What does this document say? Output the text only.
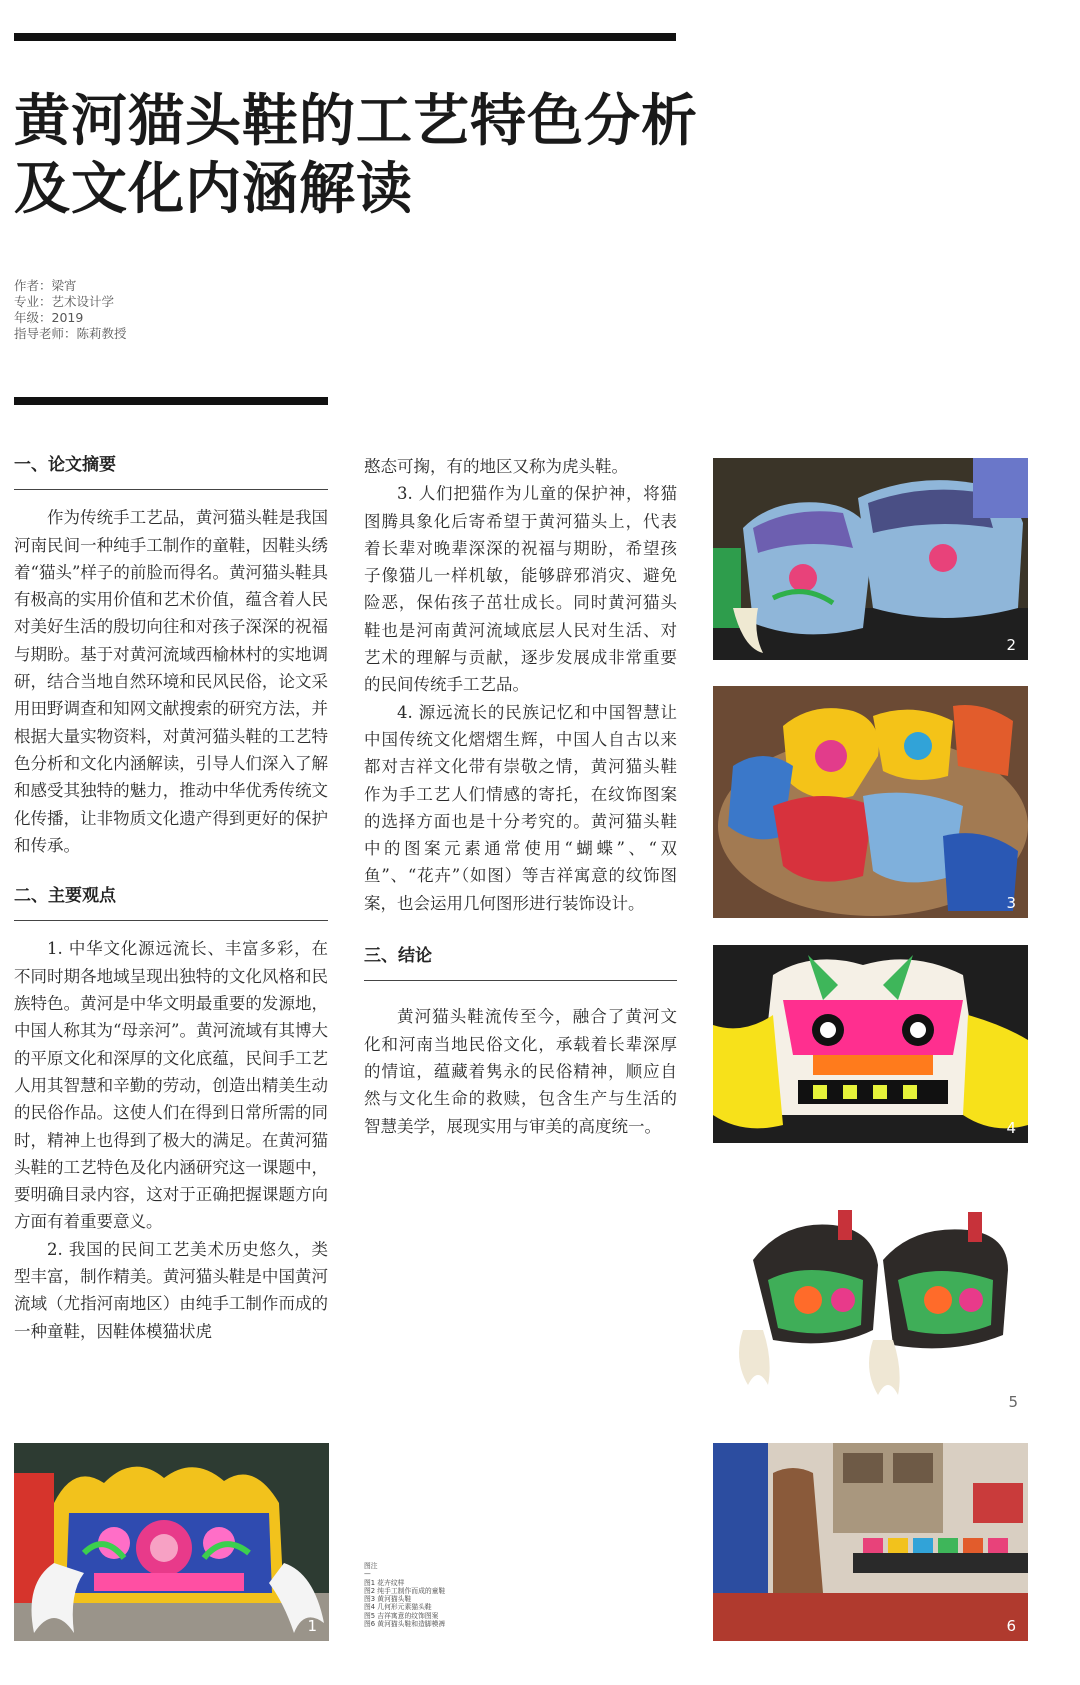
黄河猫头鞋的工艺特色分析
及文化内涵解读
作者：梁宵
专业：艺术设计学
年级：2019
指导老师：陈莉教授
一、论文摘要

作为传统手工艺品，黄河猫头鞋是我国河南民间一种纯手工制作的童鞋，因鞋头绣着“猫头”样子的前脸而得名。黄河猫头鞋具有极高的实用价值和艺术价值，蕴含着人民对美好生活的殷切向往和对孩子深深的祝福与期盼。基于对黄河流域西榆林村的实地调研，结合当地自然环境和民风民俗，论文采用田野调查和知网文献搜索的研究方法，并根据大量实物资料，对黄河猫头鞋的工艺特色分析和文化内涵解读，引导人们深入了解和感受其独特的魅力，推动中华优秀传统文化传播，让非物质文化遗产得到更好的保护和传承。

二、主要观点

1. 中华文化源远流长、丰富多彩，在不同时期各地域呈现出独特的文化风格和民族特色。黄河是中华文明最重要的发源地，中国人称其为“母亲河”。黄河流域有其博大的平原文化和深厚的文化底蕴，民间手工艺人用其智慧和辛勤的劳动，创造出精美生动的民俗作品。这使人们在得到日常所需的同时，精神上也得到了极大的满足。在黄河猫头鞋的工艺特色及化内涵研究这一课题中，要明确目录内容，这对于正确把握课题方向方面有着重要意义。

2. 我国的民间工艺美术历史悠久，类型丰富，制作精美。黄河猫头鞋是中国黄河流域（尤指河南地区）由纯手工制作而成的一种童鞋，因鞋体模猫状虎

憨态可掬，有的地区又称为虎头鞋。

3. 人们把猫作为儿童的保护神，将猫图腾具象化后寄希望于黄河猫头上，代表着长辈对晚辈深深的祝福与期盼，希望孩子像猫儿一样机敏，能够辟邪消灾、避免险恶，保佑孩子茁壮成长。同时黄河猫头鞋也是河南黄河流域底层人民对生活、对艺术的理解与贡献，逐步发展成非常重要的民间传统手工艺品。

4. 源远流长的民族记忆和中国智慧让中国传统文化熠熠生辉，中国人自古以来都对吉祥文化带有崇敬之情，黄河猫头鞋作为手工艺人们情感的寄托，在纹饰图案的选择方面也是十分考究的。黄河猫头鞋中的图案元素通常使用“蝴蝶”、“双鱼”、“花卉”（如图）等吉祥寓意的纹饰图案，也会运用几何图形进行装饰设计。

三、结论

黄河猫头鞋流传至今，融合了黄河文化和河南当地民俗文化，承载着长辈深厚的情谊，蕴藏着隽永的民俗精神，顺应自然与文化生命的救赎，包含生产与生活的智慧美学，展现实用与审美的高度统一。

1
2
3
4
5
6
图注
—
图1 花卉纹样
图2 纯手工制作而成的童鞋
图3 黄河猫头鞋
图4 几何形元素猫头鞋
图5 吉祥寓意的纹饰图案
图6 黄河猫头鞋和造脚模裤
